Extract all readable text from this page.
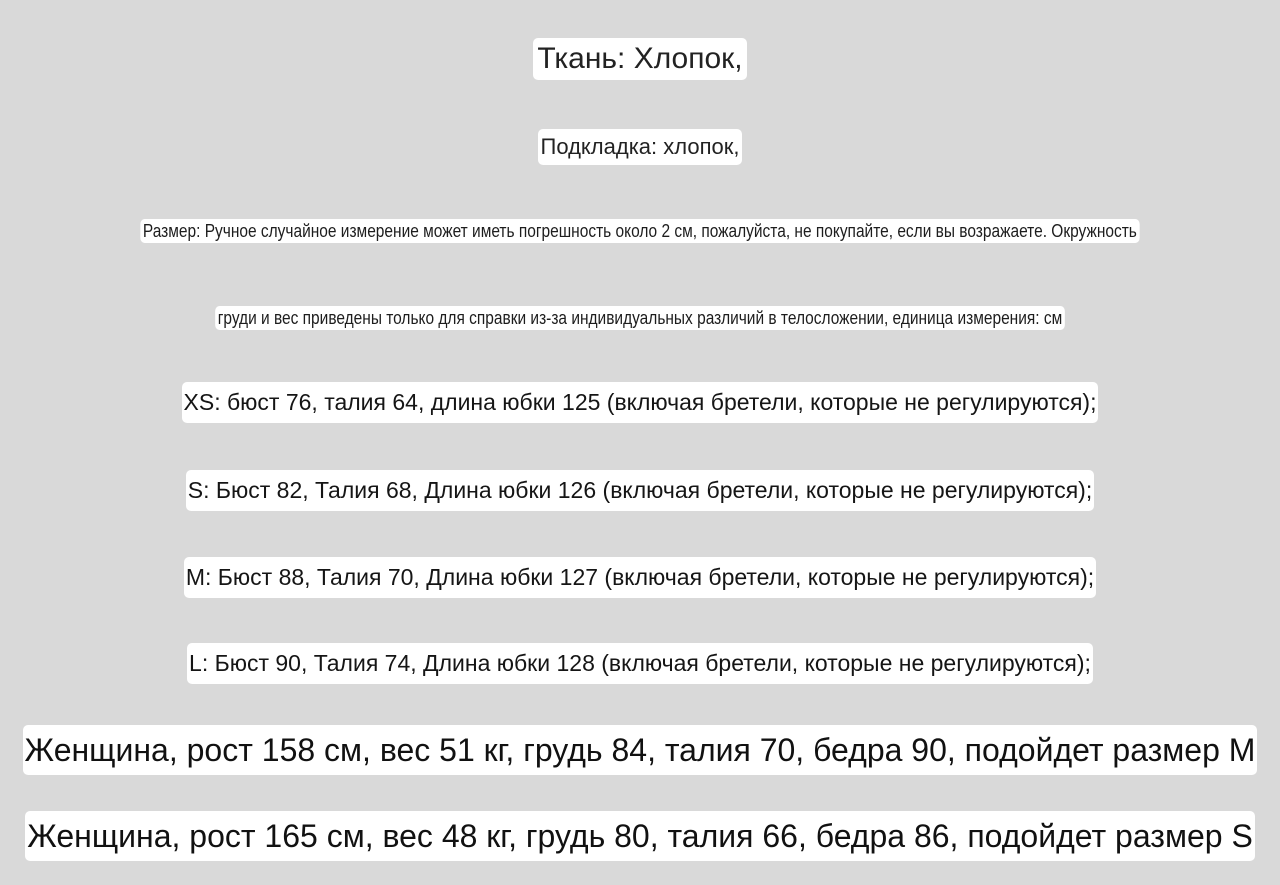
Ткань: Хлопок,
Подкладка: хлопок,
Размер: Ручное случайное измерение может иметь погрешность около 2 см, пожалуйста, не покупайте, если вы возражаете. Окружность
груди и вес приведены только для справки из-за индивидуальных различий в телосложении, единица измерения: см
XS: бюст 76, талия 64, длина юбки 125 (включая бретели, которые не регулируются);
S: Бюст 82, Талия 68, Длина юбки 126 (включая бретели, которые не регулируются);
M: Бюст 88, Талия 70, Длина юбки 127 (включая бретели, которые не регулируются);
L: Бюст 90, Талия 74, Длина юбки 128 (включая бретели, которые не регулируются);
Женщина, рост 158 см, вес 51 кг, грудь 84, талия 70, бедра 90, подойдет размер M
Женщина, рост 165 см, вес 48 кг, грудь 80, талия 66, бедра 86, подойдет размер S
